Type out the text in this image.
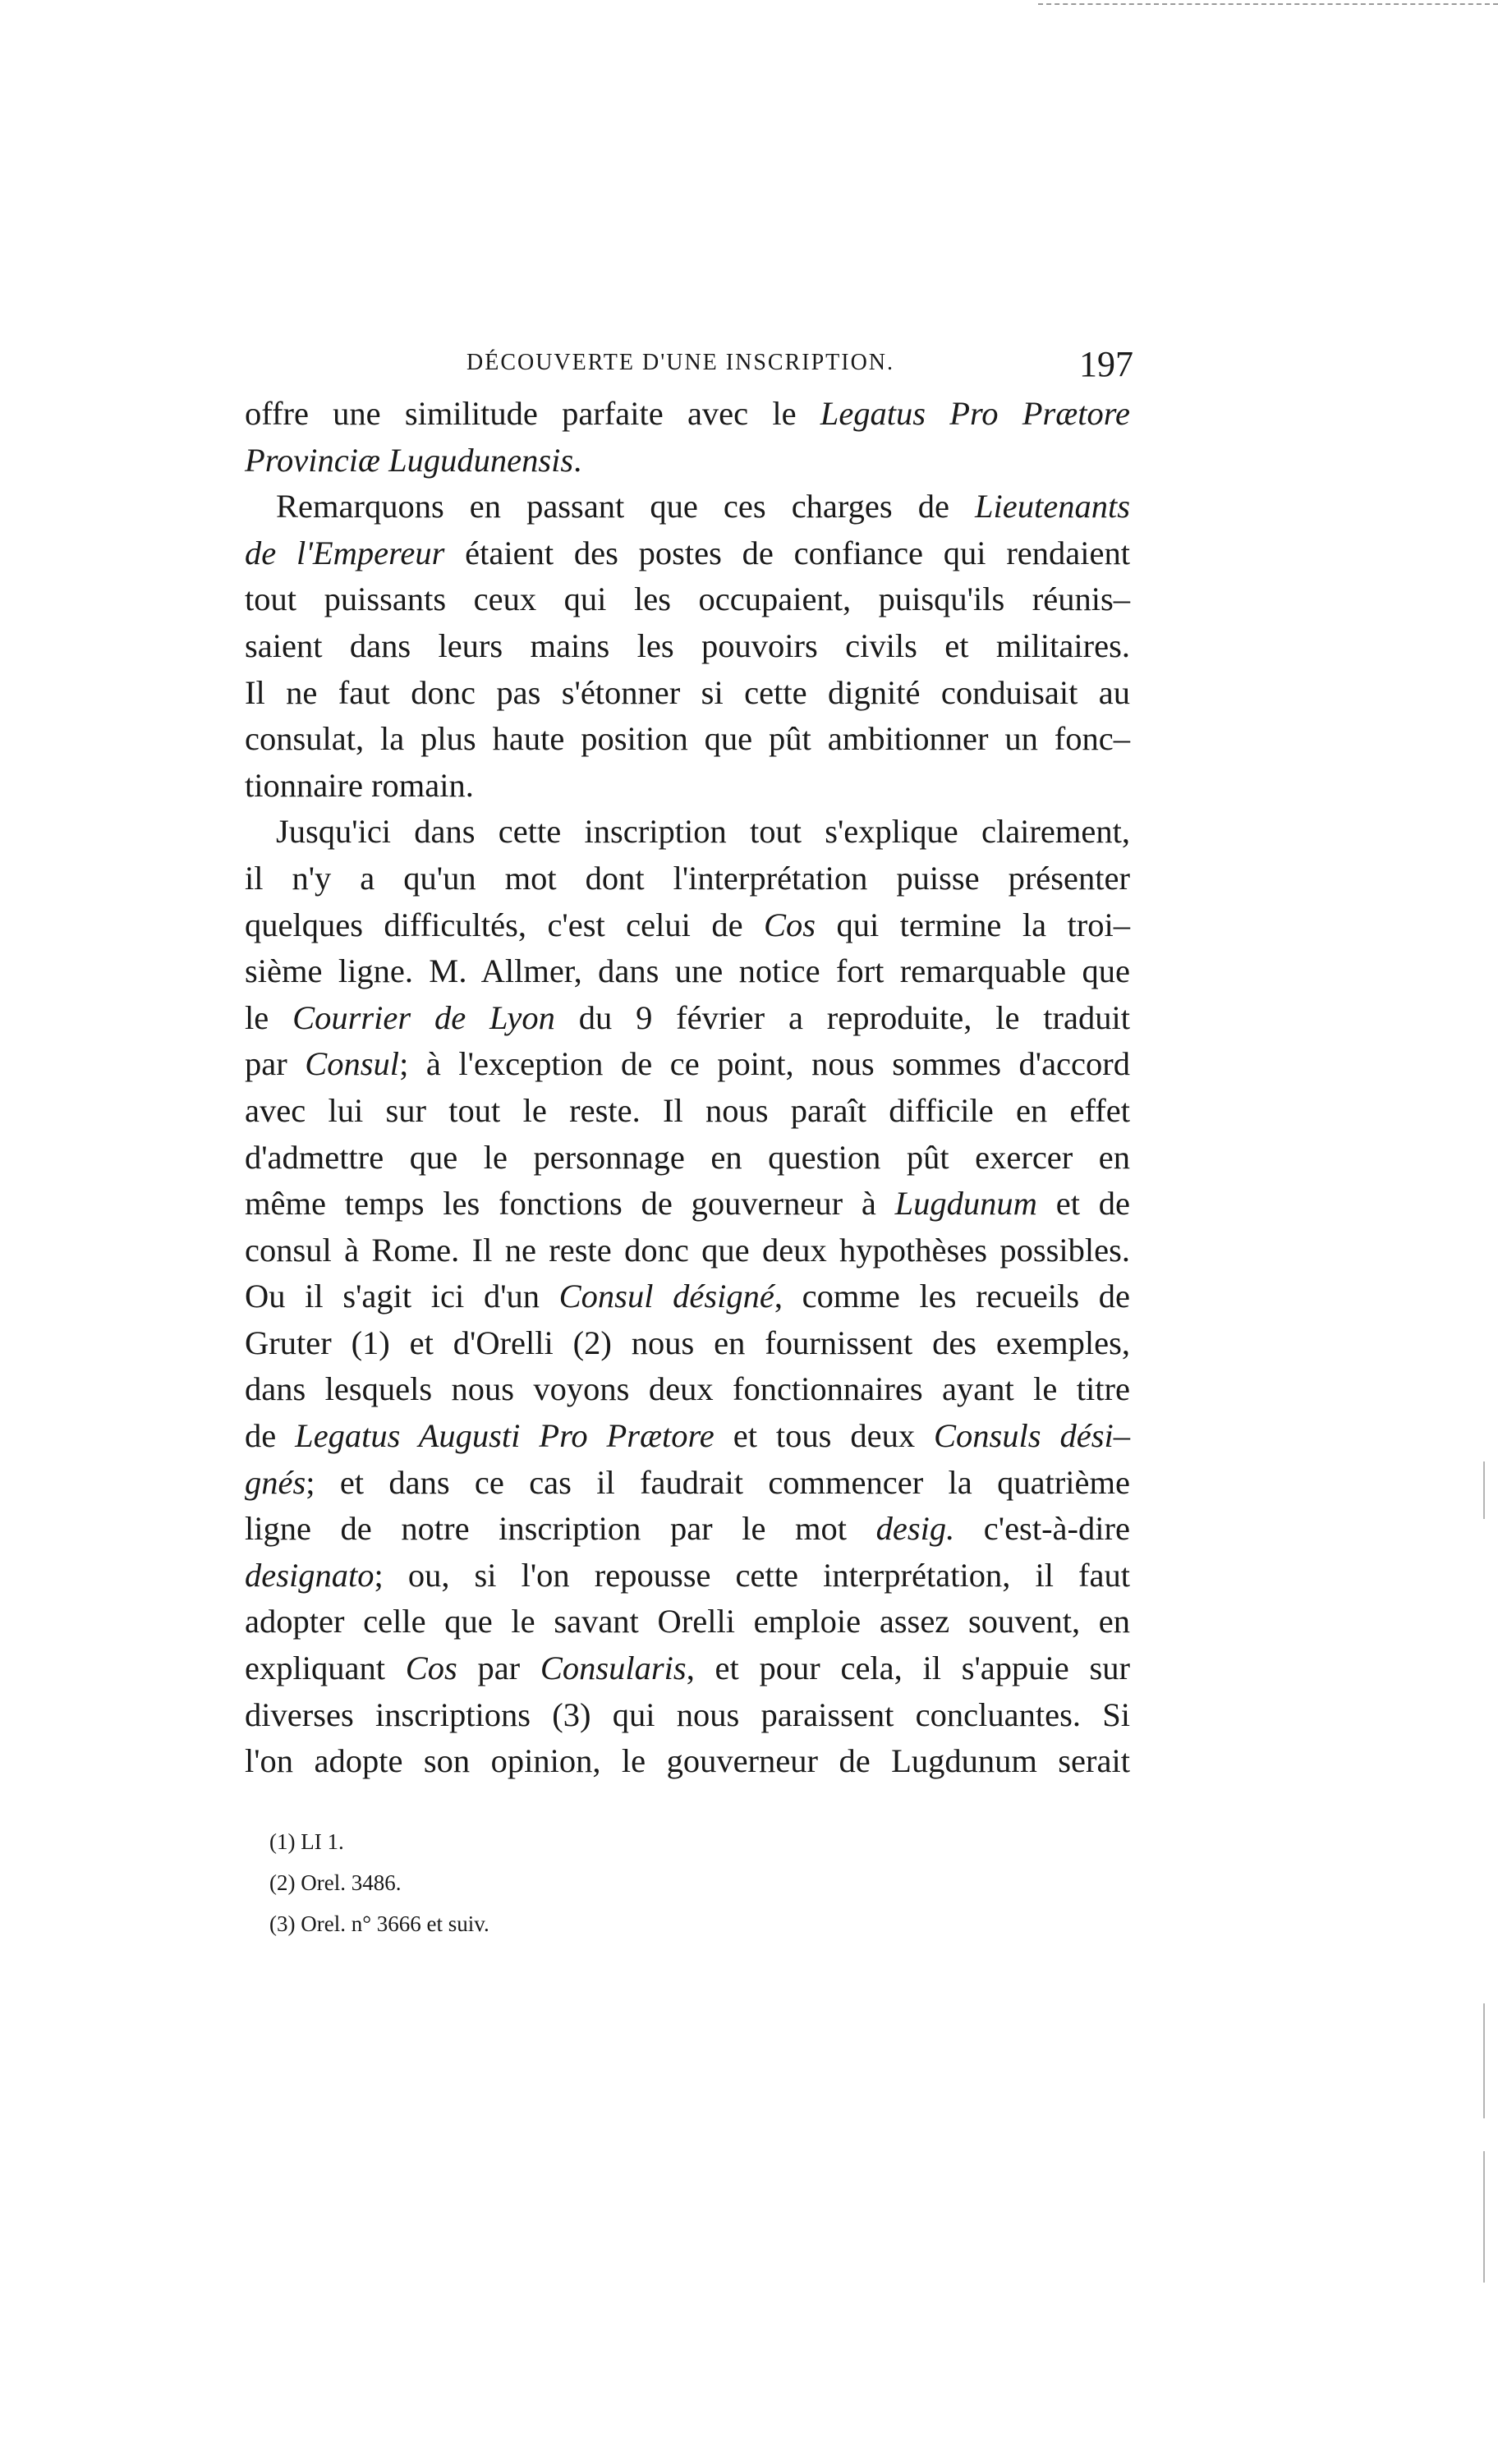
DÉCOUVERTE D'UNE INSCRIPTION.	197
offre une similitude parfaite avec le Legatus Pro Prætore
Provinciæ Lugudunensis.
Remarquons en passant que ces charges de Lieutenants
de l'Empereur étaient des postes de confiance qui rendaient
tout puissants ceux qui les occupaient, puisqu'ils réunis–
saient dans leurs mains les pouvoirs civils et militaires.
Il ne faut donc pas s'étonner si cette dignité conduisait au
consulat, la plus haute position que pût ambitionner un fonc–
tionnaire romain.
Jusqu'ici dans cette inscription tout s'explique clairement,
il n'y a qu'un mot dont l'interprétation puisse présenter
quelques difficultés, c'est celui de Cos qui termine la troi–
sième ligne. M. Allmer, dans une notice fort remarquable que
le Courrier de Lyon du 9 février a reproduite, le traduit
par Consul; à l'exception de ce point, nous sommes d'accord
avec lui sur tout le reste. Il nous paraît difficile en effet
d'admettre que le personnage en question pût exercer en
même temps les fonctions de gouverneur à Lugdunum et de
consul à Rome. Il ne reste donc que deux hypothèses possibles.
Ou il s'agit ici d'un Consul désigné, comme les recueils de
Gruter (1) et d'Orelli (2) nous en fournissent des exemples,
dans lesquels nous voyons deux fonctionnaires ayant le titre
de Legatus Augusti Pro Prætore et tous deux Consuls dési–
gnés; et dans ce cas il faudrait commencer la quatrième
ligne de notre inscription par le mot desig. c'est-à-dire
designato; ou, si l'on repousse cette interprétation, il faut
adopter celle que le savant Orelli emploie assez souvent, en
expliquant Cos par Consularis, et pour cela, il s'appuie sur
diverses inscriptions (3) qui nous paraissent concluantes. Si
l'on adopte son opinion, le gouverneur de Lugdunum serait
(1) LI 1.
(2) Orel. 3486.
(3) Orel. n° 3666 et suiv.
